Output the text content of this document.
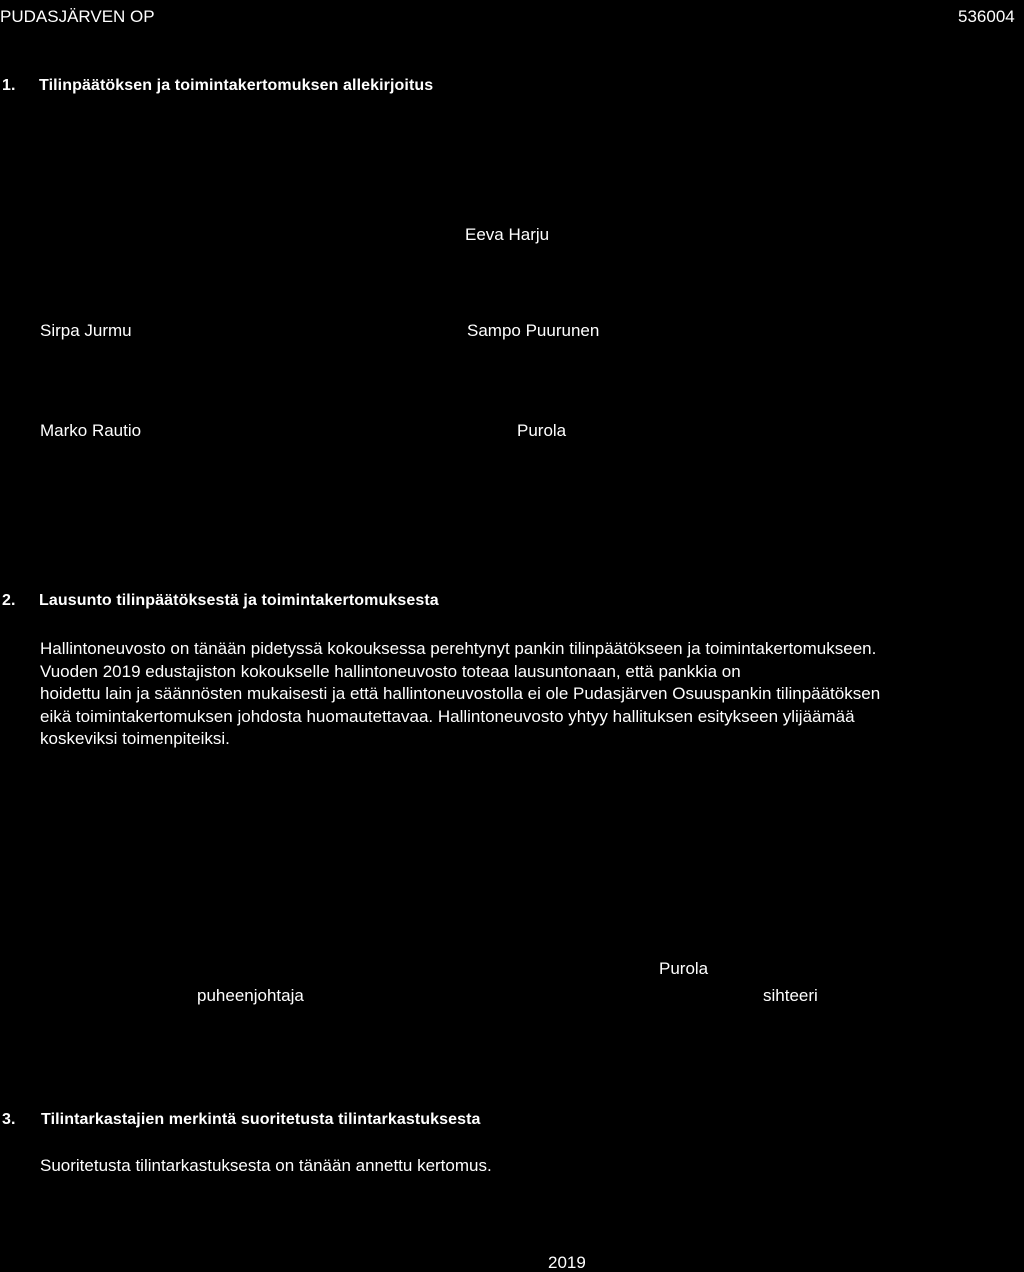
PUDASJÄRVEN OP	536004
1. Tilinpäätöksen ja toimintakertomuksen allekirjoitus
Eeva Harju
Sirpa Jurmu	Sampo Puurunen
Marko Rautio	Purola
2. Lausunto tilinpäätöksestä ja toimintakertomuksesta
Hallintoneuvosto on tänään pidetyssä kokouksessa perehtynyt pankin tilinpäätökseen ja toimintakertomukseen.
Vuoden 2019 edustajiston kokoukselle hallintoneuvosto toteaa lausuntonaan, että pankkia on
hoidettu lain ja säännösten mukaisesti ja että hallintoneuvostolla ei ole Pudasjärven Osuuspankin tilinpäätöksen
eikä toimintakertomuksen johdosta huomautettavaa. Hallintoneuvosto yhtyy hallituksen esitykseen ylijäämää
koskeviksi toimenpiteiksi.
Purola
puheenjohtaja	sihteeri
3. Tilintarkastajien merkintä suoritetusta tilintarkastuksesta
Suoritetusta tilintarkastuksesta on tänään annettu kertomus.
2019
